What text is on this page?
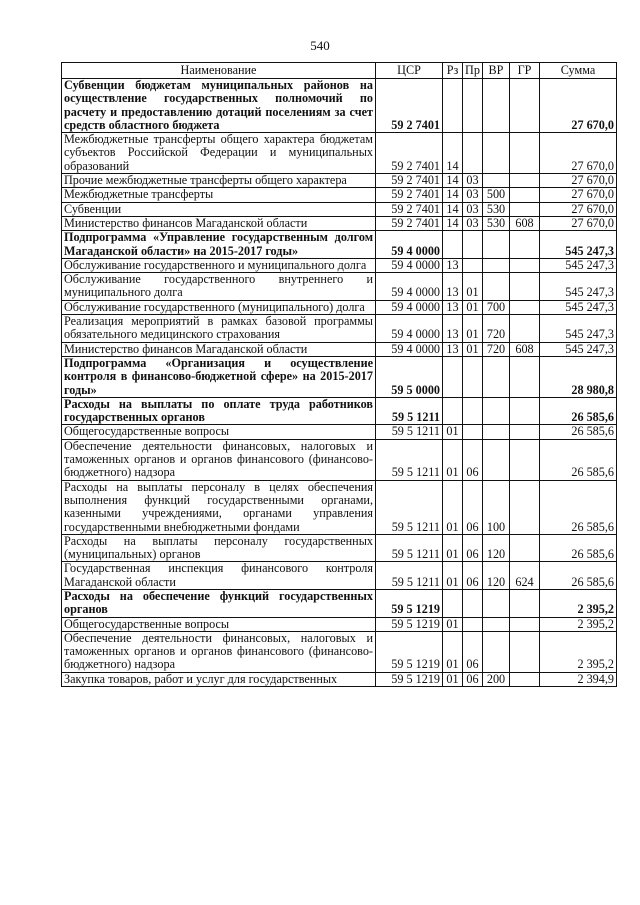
540
Наименование	ЦСР	Рз	Пр	ВР	ГР	Сумма
Субвенции бюджетам муниципальных районов на осуществление государственных полномочий по расчету и предоставлению дотаций поселениям за счет средств областного бюджета	59 2 7401					27 670,0
Межбюджетные трансферты общего характера бюджетам субъектов Российской Федерации и муниципальных образований	59 2 7401	14				27 670,0
Прочие межбюджетные трансферты общего характера	59 2 7401	14	03			27 670,0
Межбюджетные трансферты	59 2 7401	14	03	500		27 670,0
Субвенции	59 2 7401	14	03	530		27 670,0
Министерство финансов Магаданской области	59 2 7401	14	03	530	608	27 670,0
Подпрограмма «Управление государственным долгом Магаданской области» на 2015-2017 годы»	59 4 0000					545 247,3
Обслуживание государственного и муниципального долга	59 4 0000	13				545 247,3
Обслуживание государственного внутреннего и муниципального долга	59 4 0000	13	01			545 247,3
Обслуживание государственного (муниципального) долга	59 4 0000	13	01	700		545 247,3
Реализация мероприятий в рамках базовой программы обязательного медицинского страхования	59 4 0000	13	01	720		545 247,3
Министерство финансов Магаданской области	59 4 0000	13	01	720	608	545 247,3
Подпрограмма «Организация и осуществление контроля в финансово-бюджетной сфере» на 2015-2017 годы»	59 5 0000					28 980,8
Расходы на выплаты по оплате труда работников государственных органов	59 5 1211					26 585,6
Общегосударственные вопросы	59 5 1211	01				26 585,6
Обеспечение деятельности финансовых, налоговых и таможенных органов и органов финансового (финансово-бюджетного) надзора	59 5 1211	01	06			26 585,6
Расходы на выплаты персоналу в целях обеспечения выполнения функций государственными органами, казенными учреждениями, органами управления государственными внебюджетными фондами	59 5 1211	01	06	100		26 585,6
Расходы на выплаты персоналу государственных (муниципальных) органов	59 5 1211	01	06	120		26 585,6
Государственная инспекция финансового контроля Магаданской области	59 5 1211	01	06	120	624	26 585,6
Расходы на обеспечение функций государственных органов	59 5 1219					2 395,2
Общегосударственные вопросы	59 5 1219	01				2 395,2
Обеспечение деятельности финансовых, налоговых и таможенных органов и органов финансового (финансово-бюджетного) надзора	59 5 1219	01	06			2 395,2
Закупка товаров, работ и услуг для государственных	59 5 1219	01	06	200		2 394,9
